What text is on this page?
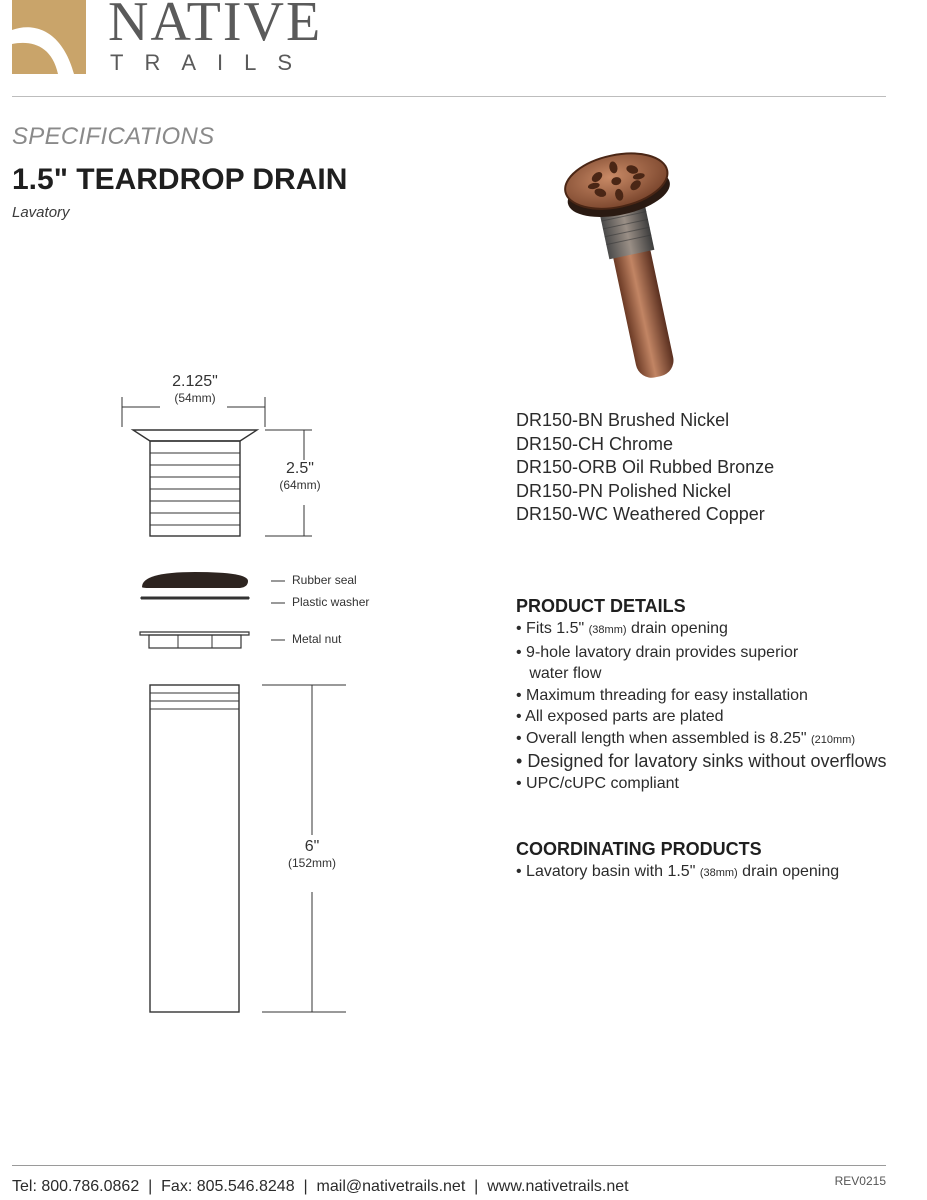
NATIVE
TRAILS
SPECIFICATIONS
1.5" TEARDROP DRAIN
Lavatory
2.125"
(54mm)
2.5"
(64mm)
6"
(152mm)
Rubber seal
Plastic washer
Metal nut
DR150-BN Brushed Nickel
DR150-CH Chrome
DR150-ORB Oil Rubbed Bronze
DR150-PN Polished Nickel
DR150-WC Weathered Copper
PRODUCT DETAILS
• Fits 1.5" (38mm) drain opening
• 9-hole lavatory drain provides superior
water flow
• Maximum threading for easy installation
• All exposed parts are plated
• Overall length when assembled is 8.25" (210mm)
• Designed for lavatory sinks without overflows
• UPC/cUPC compliant
COORDINATING PRODUCTS
• Lavatory basin with 1.5" (38mm) drain opening
Tel: 800.786.0862  |  Fax: 805.546.8248  |  mail@nativetrails.net  |  www.nativetrails.net	REV0215
